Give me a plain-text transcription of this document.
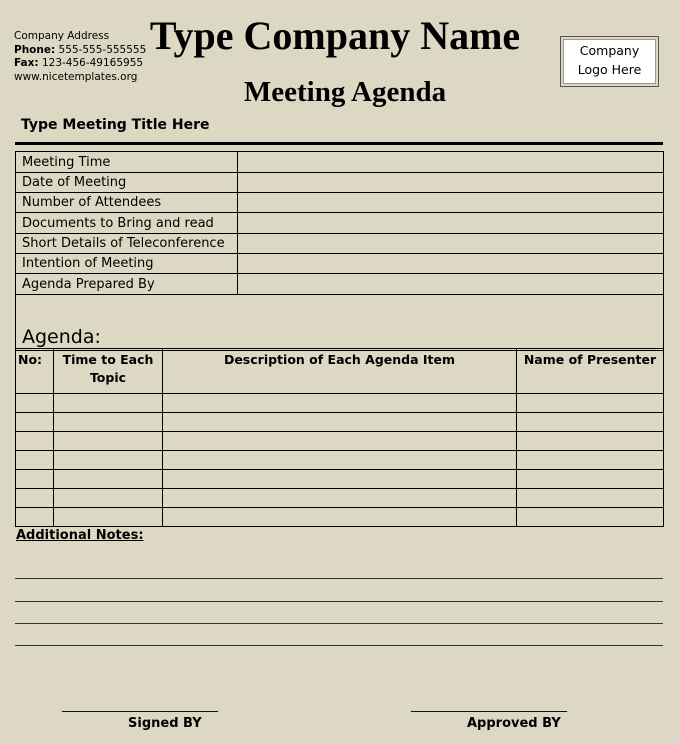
Company Address
Phone: 555-555-555555
Fax: 123-456-49165955
www.nicetemplates.org
Type Company Name
Meeting Agenda
Company
Logo Here
Type Meeting Title Here
Meeting Time	
Date of Meeting	
Number of Attendees	
Documents to Bring and read	
Short Details of Teleconference	
Intention of Meeting	
Agenda Prepared By	
Agenda:	
No:	Time to Each Topic	Description of Each Agenda Item	Name of Presenter

Additional Notes:
________________________
Signed BY
________________________
Approved BY
